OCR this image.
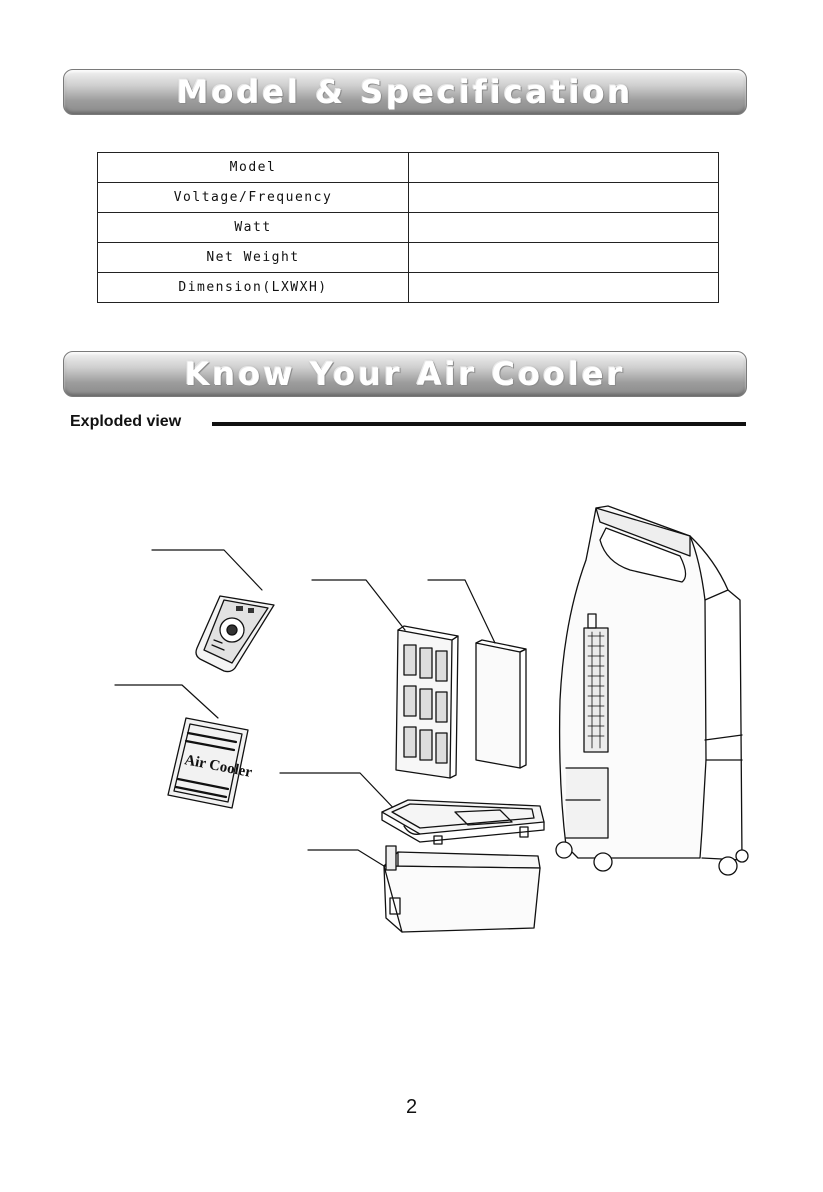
Model & Specification
Model	
Voltage/Frequency	
Watt	
Net Weight	
Dimension(LXWXH)	
Know Your Air Cooler
Exploded view
Air Cooler
2
